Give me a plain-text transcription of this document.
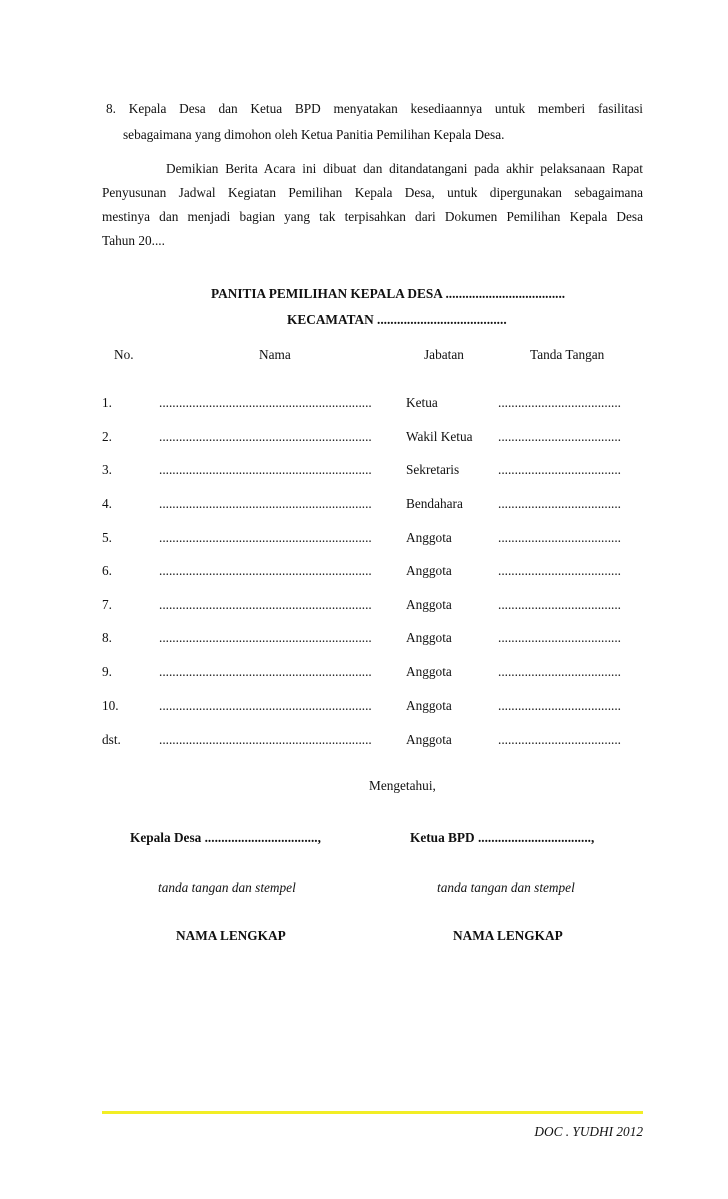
8. Kepala Desa dan Ketua BPD menyatakan kesediaannya untuk memberi fasilitasi
sebagaimana yang dimohon oleh Ketua Panitia Pemilihan Kepala Desa.
Demikian Berita Acara ini dibuat dan ditandatangani pada akhir pelaksanaan Rapat
Penyusunan Jadwal Kegiatan Pemilihan Kepala Desa, untuk dipergunakan sebagaimana
mestinya dan menjadi bagian yang tak terpisahkan dari Dokumen Pemilihan Kepala Desa
Tahun 20....
PANITIA PEMILIHAN KEPALA DESA ....................................
KECAMATAN .......................................
No.	Nama	Jabatan	Tanda Tangan
1.	................................................................	Ketua	.....................................
2.	................................................................	Wakil Ketua .....................................
3.	................................................................	Sekretaris	.....................................
4.	................................................................	Bendahara	.....................................
5.	................................................................	Anggota	.....................................
6.	................................................................	Anggota	.....................................
7.	................................................................	Anggota	.....................................
8.	................................................................	Anggota	.....................................
9.	................................................................	Anggota	.....................................
10.	................................................................	Anggota	.....................................
dst.	................................................................	Anggota	.....................................
Mengetahui,
Kepala Desa ..................................,	Ketua BPD ..................................,
tanda tangan dan stempel	tanda tangan dan stempel
NAMA LENGKAP	NAMA LENGKAP
DOC . YUDHI 2012
